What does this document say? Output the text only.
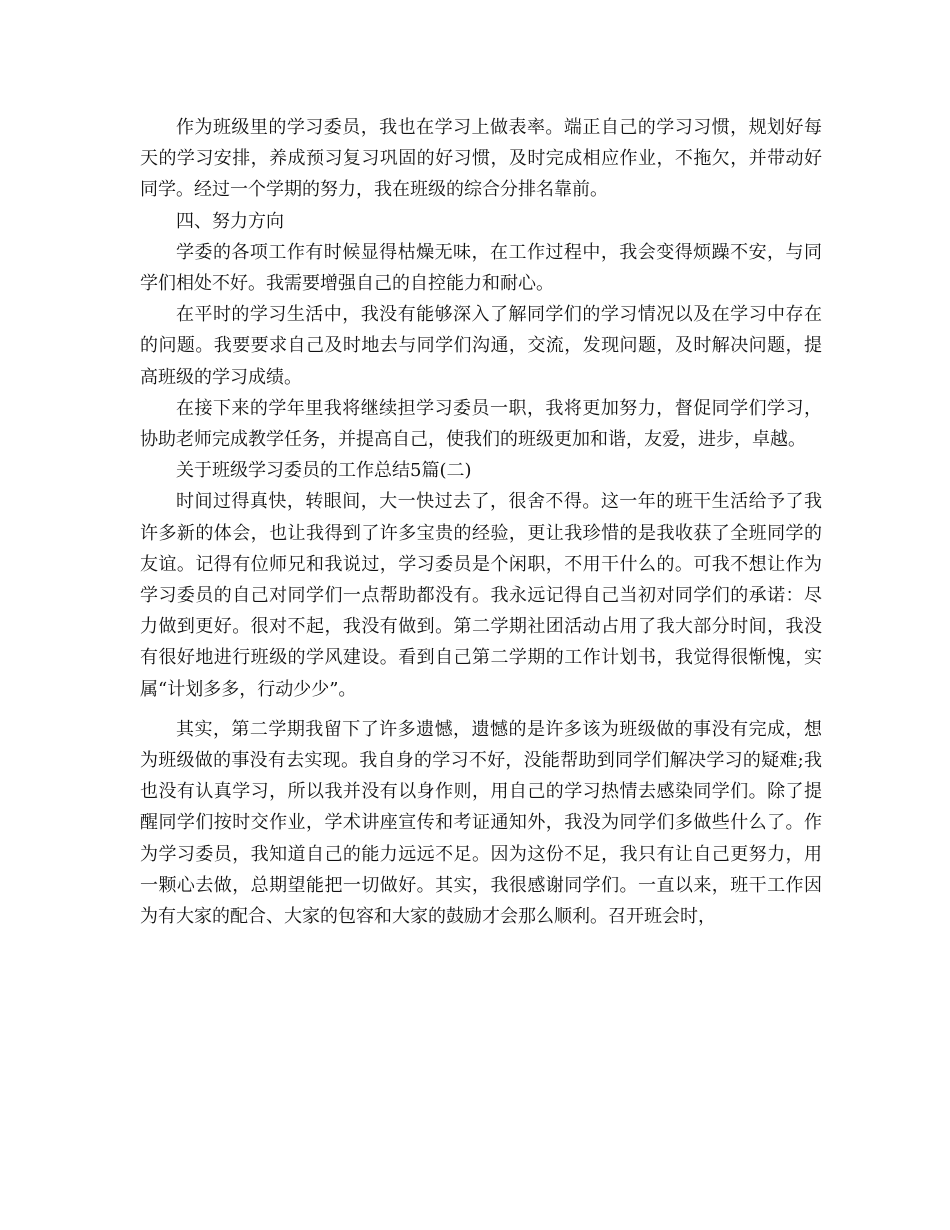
作为班级里的学习委员，我也在学习上做表率。端正自己的学习习惯，规划好每天的学习安排，养成预习复习巩固的好习惯，及时完成相应作业，不拖欠，并带动好同学。经过一个学期的努力，我在班级的综合分排名靠前。

四、努力方向

学委的各项工作有时候显得枯燥无味，在工作过程中，我会变得烦躁不安，与同学们相处不好。我需要增强自己的自控能力和耐心。

在平时的学习生活中，我没有能够深入了解同学们的学习情况以及在学习中存在的问题。我要要求自己及时地去与同学们沟通，交流，发现问题，及时解决问题，提高班级的学习成绩。

在接下来的学年里我将继续担学习委员一职，我将更加努力，督促同学们学习，协助老师完成教学任务，并提高自己，使我们的班级更加和谐，友爱，进步，卓越。

关于班级学习委员的工作总结5篇(二)

时间过得真快，转眼间，大一快过去了，很舍不得。这一年的班干生活给予了我许多新的体会，也让我得到了许多宝贵的经验，更让我珍惜的是我收获了全班同学的友谊。记得有位师兄和我说过，学习委员是个闲职，不用干什么的。可我不想让作为学习委员的自己对同学们一点帮助都没有。我永远记得自己当初对同学们的承诺：尽力做到更好。很对不起，我没有做到。第二学期社团活动占用了我大部分时间，我没有很好地进行班级的学风建设。看到自己第二学期的工作计划书，我觉得很惭愧，实属“计划多多，行动少少”。

其实，第二学期我留下了许多遗憾，遗憾的是许多该为班级做的事没有完成，想为班级做的事没有去实现。我自身的学习不好，没能帮助到同学们解决学习的疑难;我也没有认真学习，所以我并没有以身作则，用自己的学习热情去感染同学们。除了提醒同学们按时交作业，学术讲座宣传和考证通知外，我没为同学们多做些什么了。作为学习委员，我知道自己的能力远远不足。因为这份不足，我只有让自己更努力，用一颗心去做，总期望能把一切做好。其实，我很感谢同学们。一直以来，班干工作因为有大家的配合、大家的包容和大家的鼓励才会那么顺利。召开班会时，
